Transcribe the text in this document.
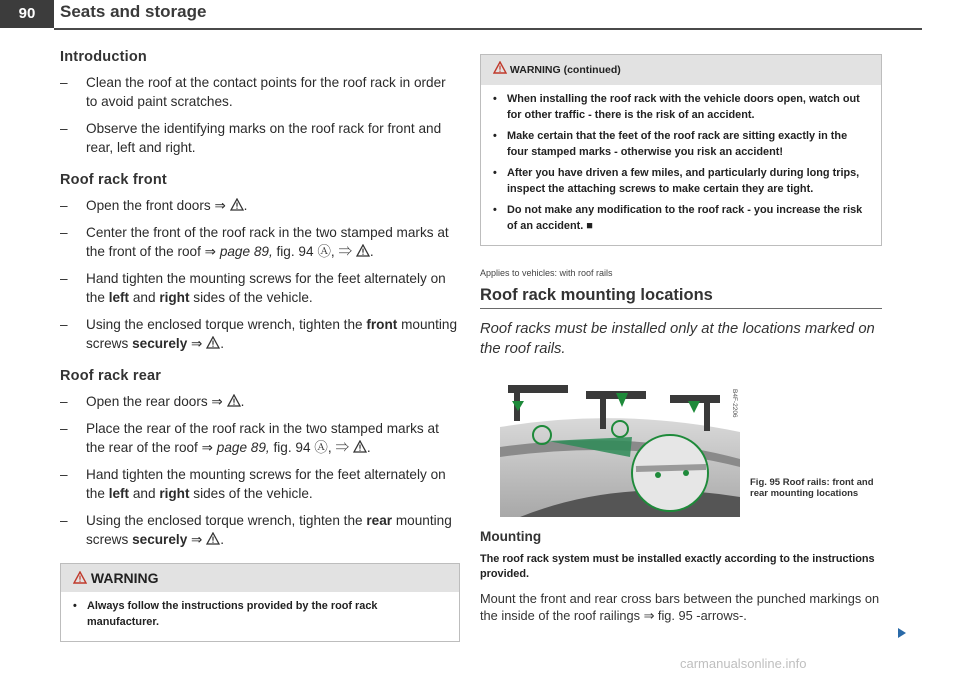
90	Seats and storage
Introduction
– Clean the roof at the contact points for the roof rack in order to avoid paint scratches.
– Observe the identifying marks on the roof rack for front and rear, left and right.
Roof rack front
– Open the front doors ⇒ .
– Center the front of the roof rack in the two stamped marks at the front of the roof ⇒ page 89, fig. 94 Ⓐ, ⇒ .
– Hand tighten the mounting screws for the feet alternately on the left and right sides of the vehicle.
– Using the enclosed torque wrench, tighten the front mounting screws securely ⇒ .
Roof rack rear
– Open the rear doors ⇒ .
– Place the rear of the roof rack in the two stamped marks at the rear of the roof ⇒ page 89, fig. 94 Ⓐ, ⇒ .
– Hand tighten the mounting screws for the feet alternately on the left and right sides of the vehicle.
– Using the enclosed torque wrench, tighten the rear mounting screws securely ⇒ .
WARNING
• Always follow the instructions provided by the roof rack manufacturer.
WARNING (continued)
• When installing the roof rack with the vehicle doors open, watch out for other traffic - there is the risk of an accident.
• Make certain that the feet of the roof rack are sitting exactly in the four stamped marks - otherwise you risk an accident!
• After you have driven a few miles, and particularly during long trips, inspect the attaching screws to make certain they are tight.
• Do not make any modification to the roof rack - you increase the risk of an accident. ■
Applies to vehicles: with roof rails
Roof rack mounting locations
Roof racks must be installed only at the locations marked on the roof rails.
B4F-2206
Fig. 95 Roof rails: front and rear mounting locations
Mounting
The roof rack system must be installed exactly according to the instructions provided.
Mount the front and rear cross bars between the punched markings on the inside of the roof railings ⇒ fig. 95 -arrows-.
carmanualsonline.info
